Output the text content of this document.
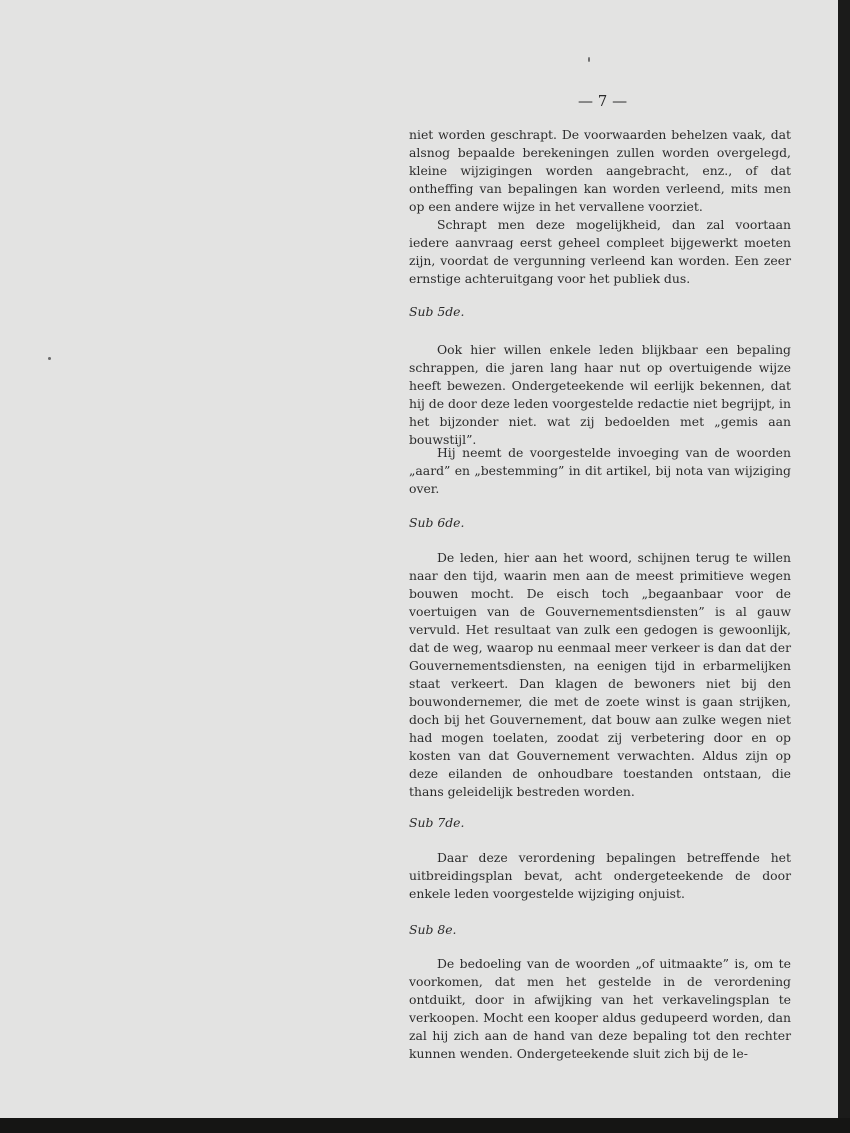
— 7 —

niet worden geschrapt. De voorwaarden behelzen vaak, dat alsnog bepaalde berekeningen zullen worden overgelegd, kleine wijzigingen worden aangebracht, enz., of dat ontheffing van bepalingen kan worden verleend, mits men op een andere wijze in het vervallene voorziet.

Schrapt men deze mogelijkheid, dan zal voortaan iedere aanvraag eerst geheel compleet bijgewerkt moeten zijn, voordat de vergunning verleend kan worden. Een zeer ernstige achteruitgang voor het publiek dus.

Sub 5de.

Ook hier willen enkele leden blijkbaar een bepaling schrappen, die jaren lang haar nut op overtuigende wijze heeft bewezen. Ondergeteekende wil eerlijk bekennen, dat hij de door deze leden voorgestelde redactie niet begrijpt, in het bijzonder niet. wat zij bedoelden met „gemis aan bouwstijl”.

Hij neemt de voorgestelde invoeging van de woorden „aard” en „bestemming” in dit artikel, bij nota van wijziging over.

Sub 6de.

De leden, hier aan het woord, schijnen terug te willen naar den tijd, waarin men aan de meest primitieve wegen bouwen mocht. De eisch toch „begaanbaar voor de voertuigen van de Gouvernementsdiensten” is al gauw vervuld. Het resultaat van zulk een gedogen is gewoonlijk, dat de weg, waarop nu eenmaal meer verkeer is dan dat der Gouvernementsdiensten, na eenigen tijd in erbarmelijken staat verkeert. Dan klagen de bewoners niet bij den bouwondernemer, die met de zoete winst is gaan strijken, doch bij het Gouvernement, dat bouw aan zulke wegen niet had mogen toelaten, zoodat zij verbetering door en op kosten van dat Gouvernement verwachten. Aldus zijn op deze eilanden de onhoudbare toestanden ontstaan, die thans geleidelijk bestreden worden.

Sub 7de.

Daar deze verordening bepalingen betreffende het uitbreidingsplan bevat, acht ondergeteekende de door enkele leden voorgestelde wijziging onjuist.

Sub 8e.

De bedoeling van de woorden „of uitmaakte” is, om te voorkomen, dat men het gestelde in de verordening ontduikt, door in afwijking van het verkavelingsplan te verkoopen. Mocht een kooper aldus gedupeerd worden, dan zal hij zich aan de hand van deze bepaling tot den rechter kunnen wenden. Ondergeteekende sluit zich bij de le-
